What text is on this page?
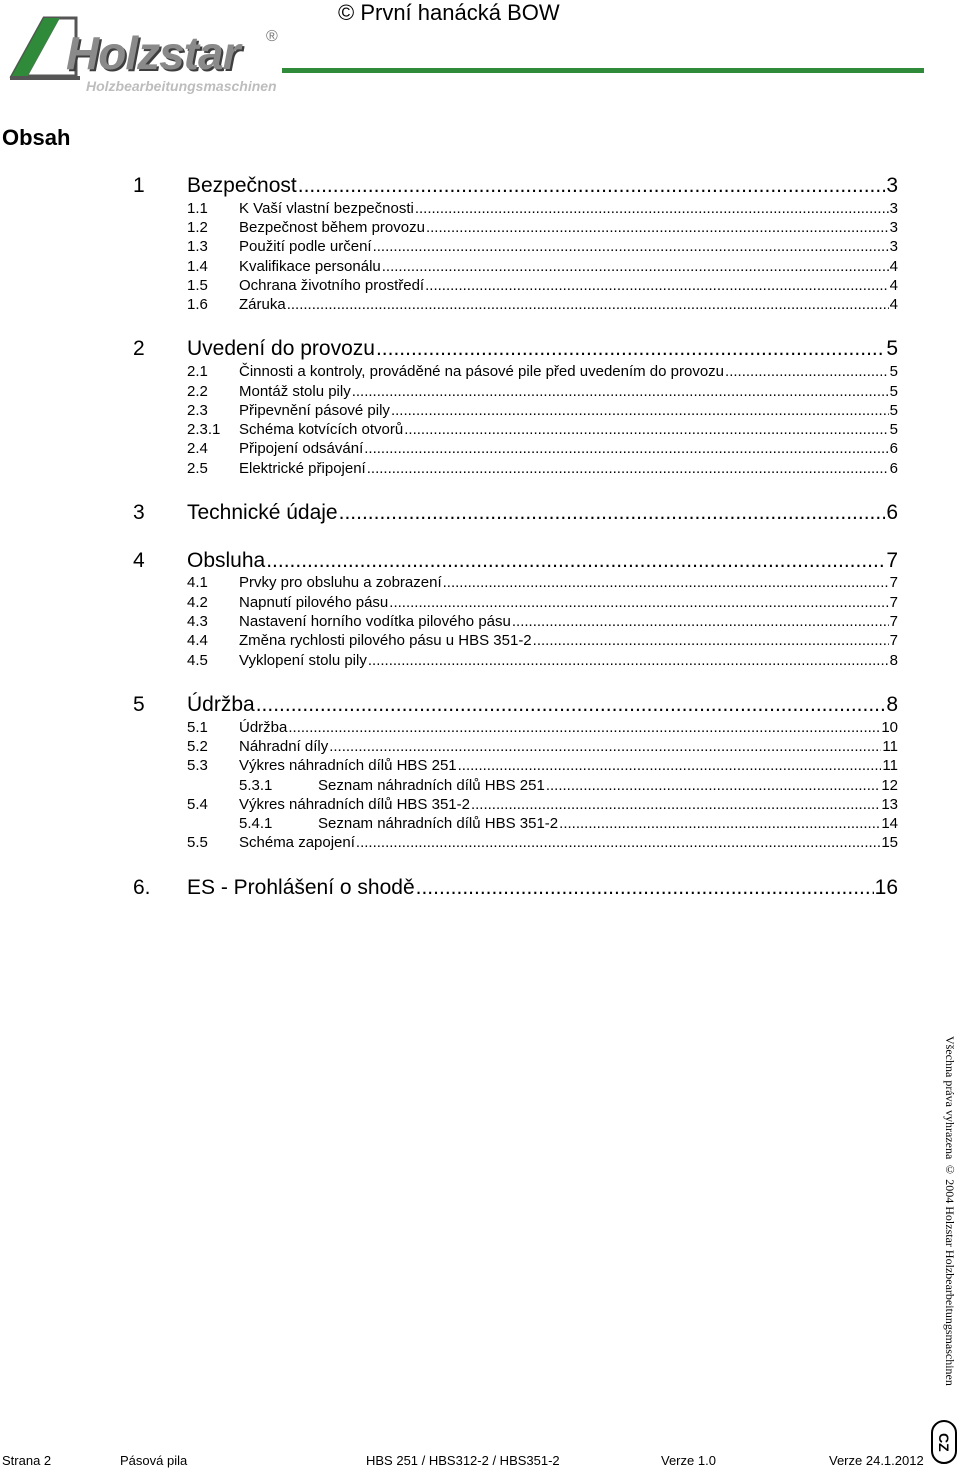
Holzstar ®
Holzbearbeitungsmaschinen
© První hanácká BOW
Obsah
1	Bezpečnost .....	3
1.1	K Vaší vlastní bezpečnosti .....	3
1.2	Bezpečnost během provozu .....	3
1.3	Použití podle určení .....	3
1.4	Kvalifikace personálu .....	4
1.5	Ochrana životního prostředí .....	4
1.6	Záruka .....	4
2	Uvedení do provozu .....	5
2.1	Činnosti a kontroly, prováděné na pásové pile před uvedením do provozu .....	5
2.2	Montáž stolu pily .....	5
2.3	Připevnění pásové pily .....	5
2.3.1	Schéma kotvících otvorů .....	5
2.4	Připojení odsávání .....	6
2.5	Elektrické připojení .....	6
3	Technické údaje .....	6
4	Obsluha .....	7
4.1	Prvky pro obsluhu a zobrazení .....	7
4.2	Napnutí pilového pásu .....	7
4.3	Nastavení horního vodítka pilového pásu .....	7
4.4	Změna rychlosti pilového pásu u HBS 351-2 .....	7
4.5	Vyklopení stolu pily .....	8
5	Údržba .....	8
5.1	Údržba .....	10
5.2	Náhradní díly .....	11
5.3	Výkres náhradních dílů HBS 251 .....	11
5.3.1	Seznam náhradních dílů HBS 251 .....	12
5.4	Výkres náhradních dílů HBS 351-2 .....	13
5.4.1	Seznam náhradních dílů HBS 351-2 .....	14
5.5	Schéma zapojení .....	15
6.	ES - Prohlášení o shodě .....	16
Všechna práva vyhrazena © 2004 Holzstar Holzbearbeitungsmaschinen
CZ
Strana 2	Pásová pila	HBS 251 / HBS312-2 / HBS351-2	Verze 1.0	Verze 24.1.2012
